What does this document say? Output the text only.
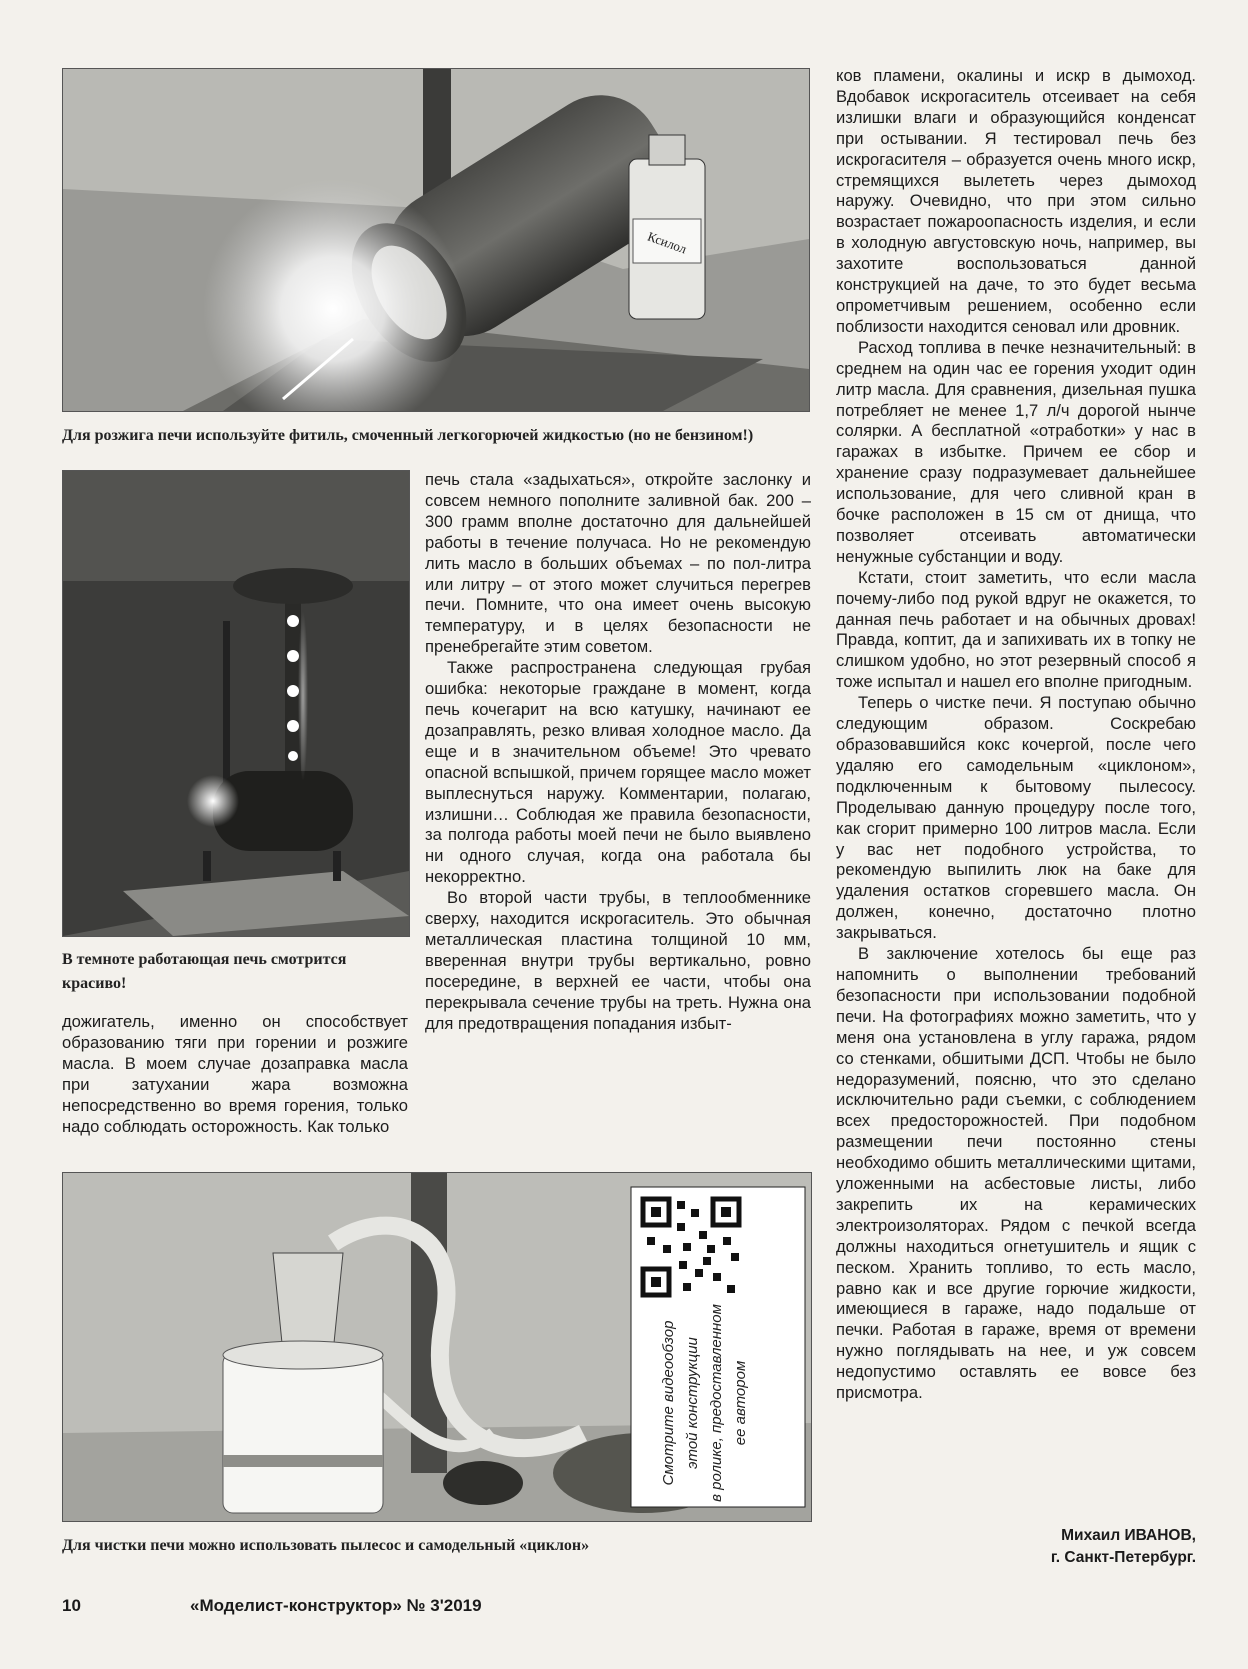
Ксилол
Для розжига печи используйте фитиль, смоченный легкогорючей жидкостью (но не бензином!)
В темноте работающая печь смотрится красиво!

дожигатель, именно он способствует образованию тяги при горении и розжиге масла. В моем случае дозаправка масла при затухании жара возможна непосредственно во время горения, только надо соблюдать осторожность. Как только

печь стала «задыхаться», откройте заслонку и совсем немного пополните заливной бак. 200 – 300 грамм вполне достаточно для дальнейшей работы в течение получаса. Но не рекомендую лить масло в больших объемах – по пол-литра или литру – от этого может случиться перегрев печи. Помните, что она имеет очень высокую температуру, и в целях безопасности не пренебрегайте этим советом.

Также распространена следующая грубая ошибка: некоторые граждане в момент, когда печь кочегарит на всю катушку, начинают ее дозаправлять, резко вливая холодное масло. Да еще и в значительном объеме! Это чревато опасной вспышкой, причем горящее масло может выплеснуться наружу. Комментарии, полагаю, излишни… Соблюдая же правила безопасности, за полгода работы моей печи не было выявлено ни одного случая, когда она работала бы некорректно.

Во второй части трубы, в теплообменнике сверху, находится искрогаситель. Это обычная металлическая пластина толщиной 10 мм, вверенная внутри трубы вертикально, ровно посередине, в верхней ее части, чтобы она перекрывала сечение трубы на треть. Нужна она для предотвращения попадания избыт-

ков пламени, окалины и искр в дымоход. Вдобавок искрогаситель отсеивает на себя излишки влаги и образующийся конденсат при остывании. Я тестировал печь без искрогасителя – образуется очень много искр, стремящихся вылететь через дымоход наружу. Очевидно, что при этом сильно возрастает пожароопасность изделия, и если в холодную августовскую ночь, например, вы захотите воспользоваться данной конструкцией на даче, то это будет весьма опрометчивым решением, особенно если поблизости находится сеновал или дровник.

Расход топлива в печке незначительный: в среднем на один час ее горения уходит один литр масла. Для сравнения, дизельная пушка потребляет не менее 1,7 л/ч дорогой нынче солярки. А бесплатной «отработки» у нас в гаражах в избытке. Причем ее сбор и хранение сразу подразумевает дальнейшее использование, для чего сливной кран в бочке расположен в 15 см от днища, что позволяет отсеивать автоматически ненужные субстанции и воду.

Кстати, стоит заметить, что если масла почему-либо под рукой вдруг не окажется, то данная печь работает и на обычных дровах! Правда, коптит, да и запихивать их в топку не слишком удобно, но этот резервный способ я тоже испытал и нашел его вполне пригодным.

Теперь о чистке печи. Я поступаю обычно следующим образом. Соскребаю образовавшийся кокс кочергой, после чего удаляю его самодельным «циклоном», подключенным к бытовому пылесосу. Проделываю данную процедуру после того, как сгорит примерно 100 литров масла. Если у вас нет подобного устройства, то рекомендую выпилить люк на баке для удаления остатков сгоревшего масла. Он должен, конечно, достаточно плотно закрываться.

В заключение хотелось бы еще раз напомнить о выполнении требований безопасности при использовании подобной печи. На фотографиях можно заметить, что у меня она установлена в углу гаража, рядом со стенками, обшитыми ДСП. Чтобы не было недоразумений, поясню, что это сделано исключительно ради съемки, с соблюдением всех предосторожностей. При подобном размещении печи постоянно стены необходимо обшить металлическими щитами, уложенными на асбестовые листы, либо закрепить их на керамических электроизоляторах. Рядом с печкой всегда должны находиться огнетушитель и ящик с песком. Хранить топливо, то есть масло, равно как и все другие горючие жидкости, имеющиеся в гараже, надо подальше от печки. Работая в гараже, время от времени нужно поглядывать на нее, и уж совсем недопустимо оставлять ее вовсе без присмотра.

Смотрите видеообзор этой конструкции в ролике, предоставленном ее автором
Для чистки печи можно использовать пылесос и самодельный «циклон»
Михаил ИВАНОВ,
г. Санкт-Петербург.
10	«Моделист-конструктор» № 3'2019
